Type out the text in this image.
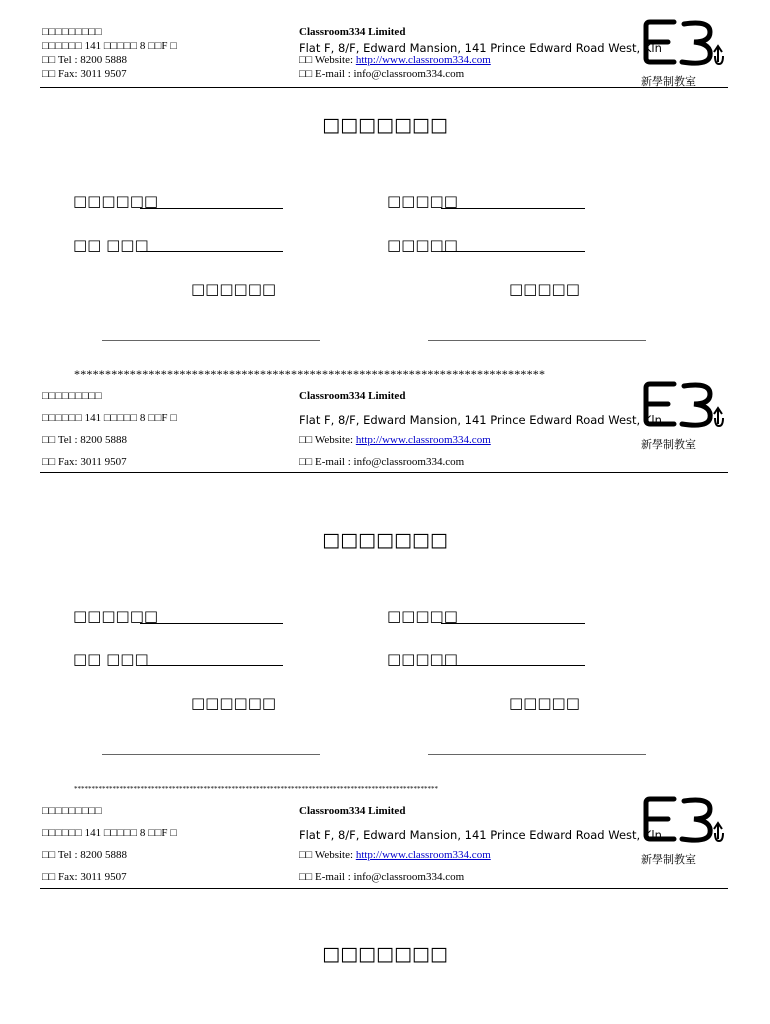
□□□□□□□□□
□□□□□□ 141 □□□□□ 8 □□F □
□□ Tel : 8200 5888
□□ Fax: 3011 9507
Classroom334 Limited
Flat F, 8/F, Edward Mansion, 141 Prince Edward Road West, Kln
□□ Website: http://www.classroom334.com
□□ E-mail : info@classroom334.com
新學制教室
□□□□□□□
□□□□□□	□□□□□
□□ □□□	□□□□□
□□□□□□	□□□□□
****************************************************************************
□□□□□□□□□
□□□□□□ 141 □□□□□ 8 □□F □
□□ Tel : 8200 5888
□□ Fax: 3011 9507
Classroom334 Limited
Flat F, 8/F, Edward Mansion, 141 Prince Edward Road West, Kln
□□ Website: http://www.classroom334.com
□□ E-mail : info@classroom334.com
新學制教室
□□□□□□□
□□□□□□	□□□□□
□□ □□□	□□□□□
□□□□□□	□□□□□
********************************************************************************************************
□□□□□□□□□
□□□□□□ 141 □□□□□ 8 □□F □
□□ Tel : 8200 5888
□□ Fax: 3011 9507
Classroom334 Limited
Flat F, 8/F, Edward Mansion, 141 Prince Edward Road West, Kln
□□ Website: http://www.classroom334.com
□□ E-mail : info@classroom334.com
新學制教室
□□□□□□□
